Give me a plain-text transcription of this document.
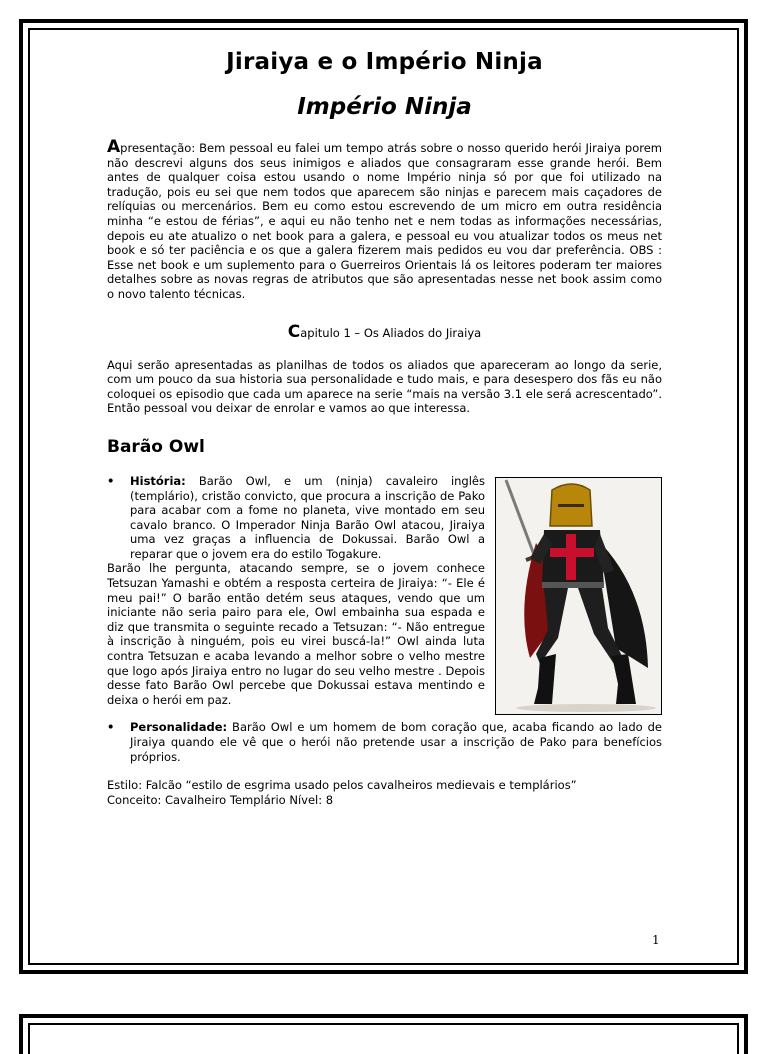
Jiraiya e o Império Ninja
Império Ninja

Apresentação: Bem pessoal eu falei um tempo atrás sobre o nosso querido herói Jiraiya porem não descrevi alguns dos seus inimigos e aliados que consagraram esse grande herói. Bem antes de qualquer coisa estou usando o nome Império ninja só por que foi utilizado na tradução, pois eu sei que nem todos que aparecem são ninjas e parecem mais caçadores de relíquias ou mercenários. Bem eu como estou escrevendo de um micro em outra residência minha “e estou de férias”, e aqui eu não tenho net e nem todas as informações necessárias, depois eu ate atualizo o net book para a galera, e pessoal eu vou atualizar todos os meus net book e só ter paciência e os que a galera fizerem mais pedidos eu vou dar preferência. OBS : Esse net book e um suplemento para o Guerreiros Orientais lá os leitores poderam ter maiores detalhes sobre as novas regras de atributos que são apresentadas nesse net book assim como o novo talento técnicas.

Capitulo 1 – Os Aliados do Jiraiya

Aqui serão apresentadas as planilhas de todos os aliados que apareceram ao longo da serie, com um pouco da sua historia sua personalidade e tudo mais, e para desespero dos fãs eu não coloquei os episodio que cada um aparece na serie “mais na versão 3.1 ele será acrescentado”. Então pessoal vou deixar de enrolar e vamos ao que interessa.

Barão Owl
• História: Barão Owl, e um (ninja) cavaleiro inglês (templário), cristão convicto, que procura a inscrição de Pako para acabar com a fome no planeta, vive montado em seu cavalo branco. O Imperador Ninja Barão Owl atacou, Jiraiya uma vez graças a influencia de Dokussai. Barão Owl a reparar que o jovem era do estilo Togakure.

Barão lhe pergunta, atacando sempre, se o jovem conhece Tetsuzan Yamashi e obtém a resposta certeira de Jiraiya: “- Ele é meu pai!” O barão então detém seus ataques, vendo que um iniciante não seria pairo para ele, Owl embainha sua espada e diz que transmita o seguinte recado a Tetsuzan: “- Não entregue à inscrição à ninguém, pois eu virei buscá-la!” Owl ainda luta contra Tetsuzan e acaba levando a melhor sobre o velho mestre que logo após Jiraiya entro no lugar do seu velho mestre . Depois desse fato Barão Owl percebe que Dokussai estava mentindo e deixa o herói em paz.

• Personalidade: Barão Owl e um homem de bom coração que, acaba ficando ao lado de Jiraiya quando ele vê que o herói não pretende usar a inscrição de Pako para benefícios próprios.
Estilo: Falcão “estilo de esgrima usado pelos cavalheiros medievais e templários”
Conceito: Cavalheiro Templário Nível: 8
1
